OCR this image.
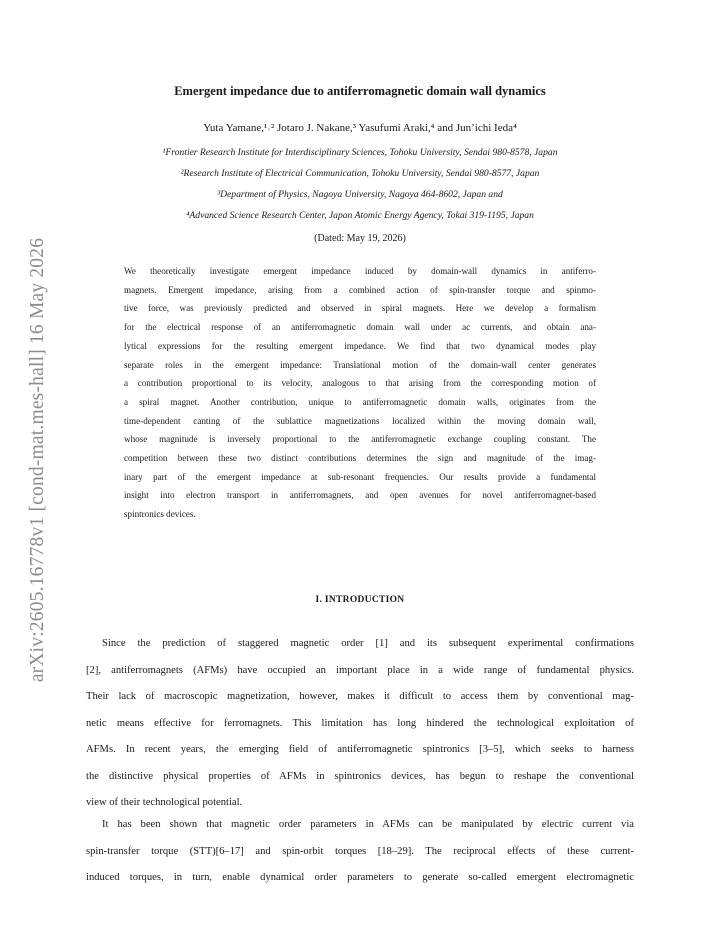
arXiv:2605.16778v1 [cond-mat.mes-hall] 16 May 2026
Emergent impedance due to antiferromagnetic domain wall dynamics
Yuta Yamane,¹˒² Jotaro J. Nakane,³ Yasufumi Araki,⁴ and Jun’ichi Ieda⁴
¹Frontier Research Institute for Interdisciplinary Sciences, Tohoku University, Sendai 980-8578, Japan
²Research Institute of Electrical Communication, Tohoku University, Sendai 980-8577, Japan
³Department of Physics, Nagoya University, Nagoya 464-8602, Japan and
⁴Advanced Science Research Center, Japan Atomic Energy Agency, Tokai 319-1195, Japan
(Dated: May 19, 2026)
We theoretically investigate emergent impedance induced by domain-wall dynamics in antiferro-
magnets. Emergent impedance, arising from a combined action of spin-transfer torque and spinmo-
tive force, was previously predicted and observed in spiral magnets. Here we develop a formalism
for the electrical response of an antiferromagnetic domain wall under ac currents, and obtain ana-
lytical expressions for the resulting emergent impedance. We find that two dynamical modes play
separate roles in the emergent impedance: Translational motion of the domain-wall center generates
a contribution proportional to its velocity, analogous to that arising from the corresponding motion of
a spiral magnet. Another contribution, unique to antiferromagnetic domain walls, originates from the
time-dependent canting of the sublattice magnetizations localized within the moving domain wall,
whose magnitude is inversely proportional to the antiferromagnetic exchange coupling constant. The
competition between these two distinct contributions determines the sign and magnitude of the imag-
inary part of the emergent impedance at sub-resonant frequencies. Our results provide a fundamental
insight into electron transport in antiferromagnets, and open avenues for novel antiferromagnet-based
spintronics devices.
I. INTRODUCTION
Since the prediction of staggered magnetic order [1] and its subsequent experimental confirmations
[2], antiferromagnets (AFMs) have occupied an important place in a wide range of fundamental physics.
Their lack of macroscopic magnetization, however, makes it difficult to access them by conventional mag-
netic means effective for ferromagnets. This limitation has long hindered the technological exploitation of
AFMs. In recent years, the emerging field of antiferromagnetic spintronics [3–5], which seeks to harness
the distinctive physical properties of AFMs in spintronics devices, has begun to reshape the conventional
view of their technological potential.
It has been shown that magnetic order parameters in AFMs can be manipulated by electric current via
spin-transfer torque (STT)[6–17] and spin-orbit torques [18–29]. The reciprocal effects of these current-
induced torques, in turn, enable dynamical order parameters to generate so-called emergent electromagnetic
